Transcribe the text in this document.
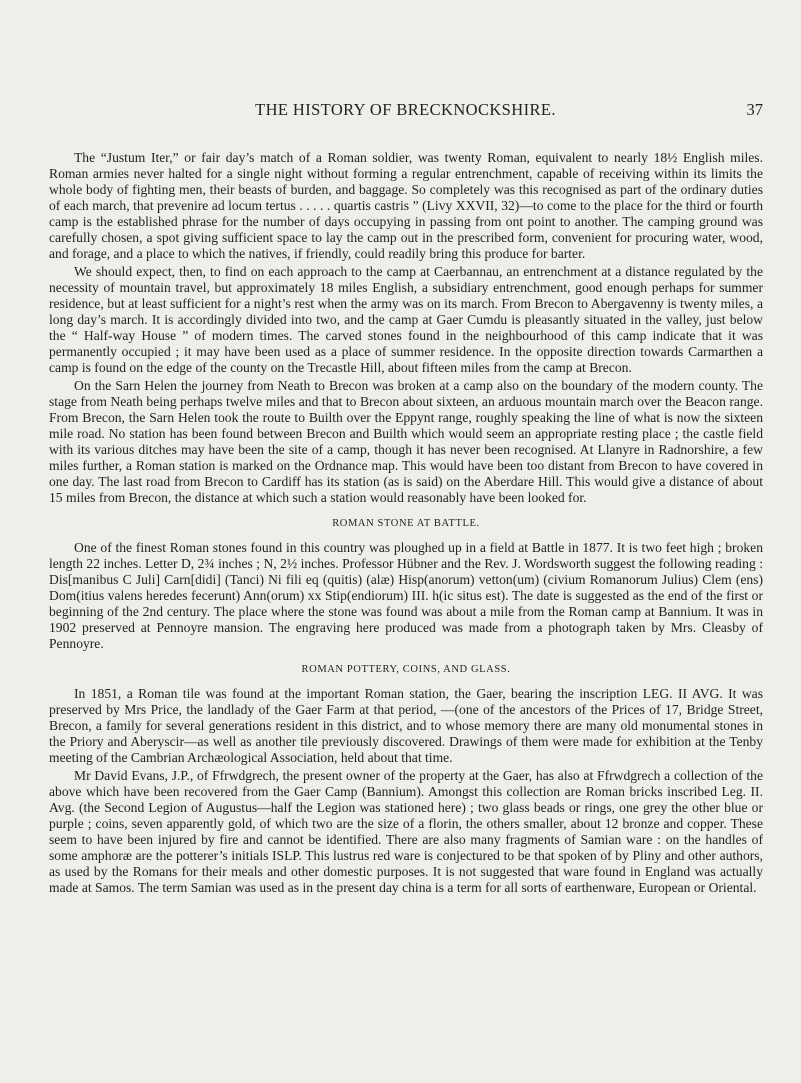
THE HISTORY OF BRECKNOCKSHIRE.	37

The “Justum Iter,” or fair day’s match of a Roman soldier, was twenty Roman, equivalent to nearly 18½ English miles. Roman armies never halted for a single night without forming a regular entrenchment, capable of receiving within its limits the whole body of fighting men, their beasts of burden, and baggage. So completely was this recognised as part of the ordinary duties of each march, that prevenire ad locum tertus . . . . . quartis castris ” (Livy XXVII, 32)—to come to the place for the third or fourth camp is the established phrase for the number of days occupying in passing from ont point to another. The camping ground was carefully chosen, a spot giving sufficient space to lay the camp out in the prescribed form, convenient for procuring water, wood, and forage, and a place to which the natives, if friendly, could readily bring this produce for barter.

We should expect, then, to find on each approach to the camp at Caerbannau, an entrenchment at a distance regulated by the necessity of mountain travel, but approximately 18 miles English, a subsidiary entrenchment, good enough perhaps for summer residence, but at least sufficient for a night’s rest when the army was on its march. From Brecon to Abergavenny is twenty miles, a long day’s march. It is accordingly divided into two, and the camp at Gaer Cumdu is pleasantly situated in the valley, just below the “ Half-way House ” of modern times. The carved stones found in the neighbourhood of this camp indicate that it was permanently occupied ; it may have been used as a place of summer residence. In the opposite direction towards Carmarthen a camp is found on the edge of the county on the Trecastle Hill, about fifteen miles from the camp at Brecon.

On the Sarn Helen the journey from Neath to Brecon was broken at a camp also on the boundary of the modern county. The stage from Neath being perhaps twelve miles and that to Brecon about sixteen, an arduous mountain march over the Beacon range. From Brecon, the Sarn Helen took the route to Builth over the Eppynt range, roughly speaking the line of what is now the sixteen mile road. No station has been found between Brecon and Builth which would seem an appropriate resting place ; the castle field with its various ditches may have been the site of a camp, though it has never been recognised. At Llanyre in Radnorshire, a few miles further, a Roman station is marked on the Ordnance map. This would have been too distant from Brecon to have covered in one day. The last road from Brecon to Cardiff has its station (as is said) on the Aberdare Hill. This would give a distance of about 15 miles from Brecon, the distance at which such a station would reasonably have been looked for.

ROMAN STONE AT BATTLE.

One of the finest Roman stones found in this country was ploughed up in a field at Battle in 1877. It is two feet high ; broken length 22 inches. Letter D, 2¾ inches ; N, 2½ inches. Professor Hübner and the Rev. J. Wordsworth suggest the following reading : Dis[manibus C Juli] Carn[didi] (Tanci) Ni fili eq (quitis) (alæ) Hisp(anorum) vetton(um) (civium Romanorum Julius) Clem (ens) Dom(itius valens heredes fecerunt) Ann(orum) xx Stip(endiorum) III. h(ic situs est). The date is suggested as the end of the first or beginning of the 2nd century. The place where the stone was found was about a mile from the Roman camp at Bannium. It was in 1902 preserved at Pennoyre mansion. The engraving here produced was made from a photograph taken by Mrs. Cleasby of Pennoyre.

ROMAN POTTERY, COINS, AND GLASS.

In 1851, a Roman tile was found at the important Roman station, the Gaer, bearing the inscription LEG. II AVG. It was preserved by Mrs Price, the landlady of the Gaer Farm at that period, —(one of the ancestors of the Prices of 17, Bridge Street, Brecon, a family for several generations resident in this district, and to whose memory there are many old monumental stones in the Priory and Aberyscir—as well as another tile previously discovered. Drawings of them were made for exhibition at the Tenby meeting of the Cambrian Archæological Association, held about that time.

Mr David Evans, J.P., of Ffrwdgrech, the present owner of the property at the Gaer, has also at Ffrwdgrech a collection of the above which have been recovered from the Gaer Camp (Bannium). Amongst this collection are Roman bricks inscribed Leg. II. Avg. (the Second Legion of Augustus—half the Legion was stationed here) ; two glass beads or rings, one grey the other blue or purple ; coins, seven apparently gold, of which two are the size of a florin, the others smaller, about 12 bronze and copper. These seem to have been injured by fire and cannot be identified. There are also many fragments of Samian ware : on the handles of some amphoræ are the potterer’s initials ISLP. This lustrus red ware is conjectured to be that spoken of by Pliny and other authors, as used by the Romans for their meals and other domestic purposes. It is not suggested that ware found in England was actually made at Samos. The term Samian was used as in the present day china is a term for all sorts of earthenware, European or Oriental.
